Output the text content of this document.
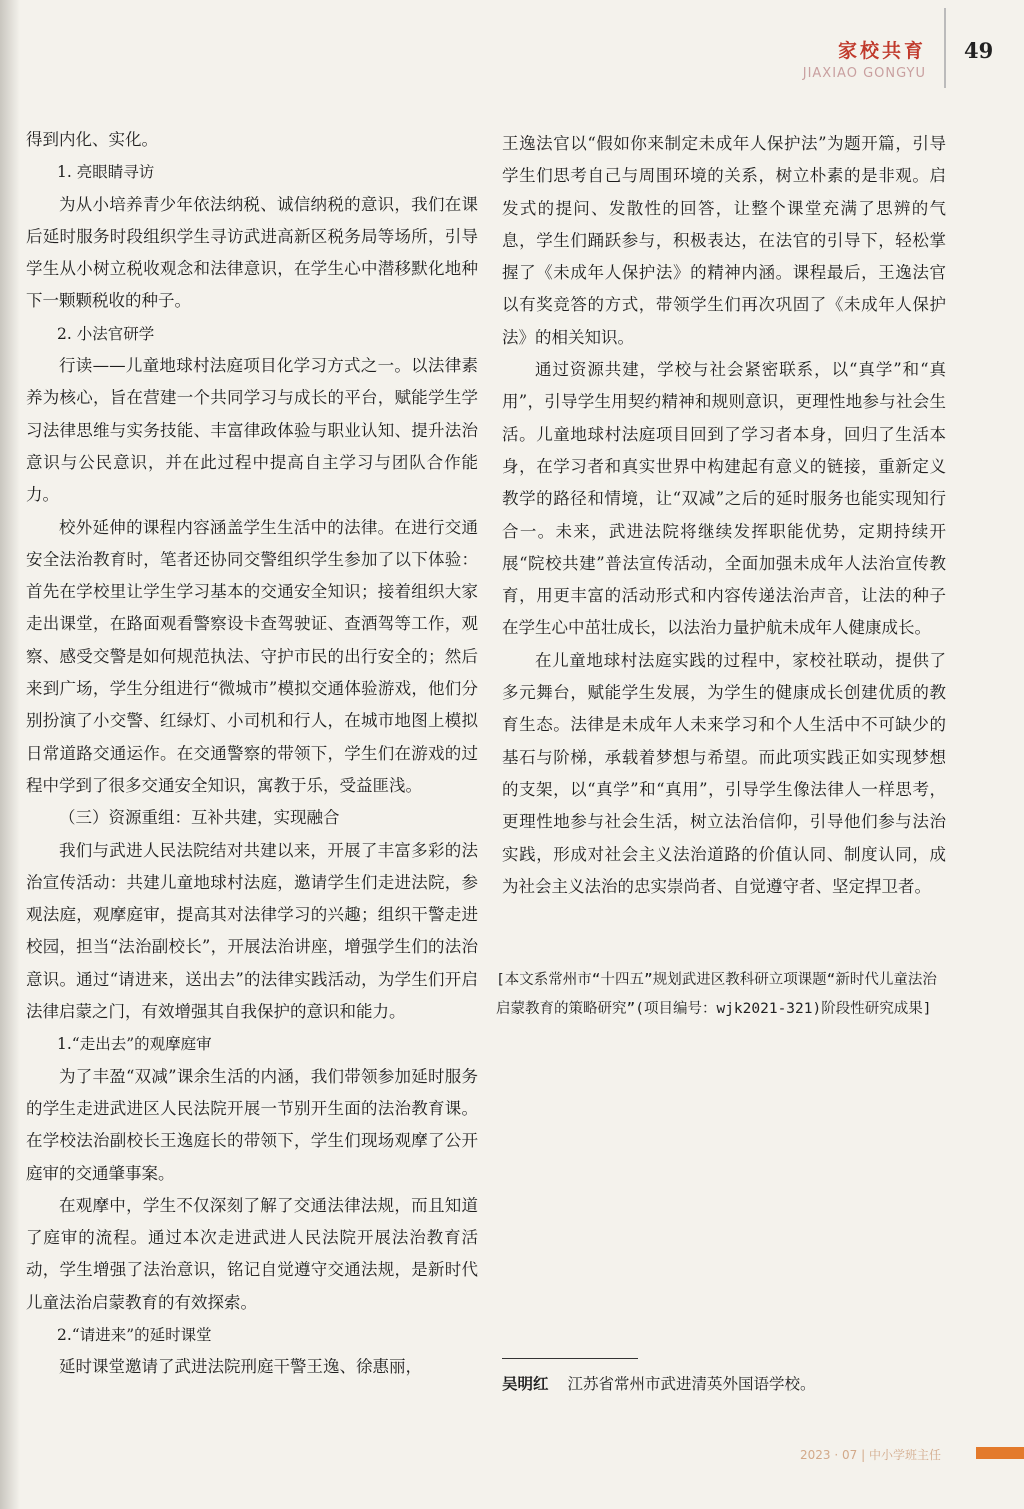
家校共育
JIAXIAO GONGYU
49

得到内化、实化。

1. 亮眼睛寻访

为从小培养青少年依法纳税、诚信纳税的意识，我们在课后延时服务时段组织学生寻访武进高新区税务局等场所，引导学生从小树立税收观念和法律意识，在学生心中潜移默化地种下一颗颗税收的种子。

2. 小法官研学

行读——儿童地球村法庭项目化学习方式之一。以法律素养为核心，旨在营建一个共同学习与成长的平台，赋能学生学习法律思维与实务技能、丰富律政体验与职业认知、提升法治意识与公民意识，并在此过程中提高自主学习与团队合作能力。

校外延伸的课程内容涵盖学生生活中的法律。在进行交通安全法治教育时，笔者还协同交警组织学生参加了以下体验：首先在学校里让学生学习基本的交通安全知识；接着组织大家走出课堂，在路面观看警察设卡查驾驶证、查酒驾等工作，观察、感受交警是如何规范执法、守护市民的出行安全的；然后来到广场，学生分组进行“微城市”模拟交通体验游戏，他们分别扮演了小交警、红绿灯、小司机和行人，在城市地图上模拟日常道路交通运作。在交通警察的带领下，学生们在游戏的过程中学到了很多交通安全知识，寓教于乐，受益匪浅。

（三）资源重组：互补共建，实现融合

我们与武进人民法院结对共建以来，开展了丰富多彩的法治宣传活动：共建儿童地球村法庭，邀请学生们走进法院，参观法庭，观摩庭审，提高其对法律学习的兴趣；组织干警走进校园，担当“法治副校长”，开展法治讲座，增强学生们的法治意识。通过“请进来，送出去”的法律实践活动，为学生们开启法律启蒙之门，有效增强其自我保护的意识和能力。

1.“走出去”的观摩庭审

为了丰盈“双减”课余生活的内涵，我们带领参加延时服务的学生走进武进区人民法院开展一节别开生面的法治教育课。在学校法治副校长王逸庭长的带领下，学生们现场观摩了公开庭审的交通肇事案。

在观摩中，学生不仅深刻了解了交通法律法规，而且知道了庭审的流程。通过本次走进武进人民法院开展法治教育活动，学生增强了法治意识，铭记自觉遵守交通法规，是新时代儿童法治启蒙教育的有效探索。

2.“请进来”的延时课堂

延时课堂邀请了武进法院刑庭干警王逸、徐惠丽，

王逸法官以“假如你来制定未成年人保护法”为题开篇，引导学生们思考自己与周围环境的关系，树立朴素的是非观。启发式的提问、发散性的回答，让整个课堂充满了思辨的气息，学生们踊跃参与，积极表达，在法官的引导下，轻松掌握了《未成年人保护法》的精神内涵。课程最后，王逸法官以有奖竞答的方式，带领学生们再次巩固了《未成年人保护法》的相关知识。

通过资源共建，学校与社会紧密联系，以“真学”和“真用”，引导学生用契约精神和规则意识，更理性地参与社会生活。儿童地球村法庭项目回到了学习者本身，回归了生活本身，在学习者和真实世界中构建起有意义的链接，重新定义教学的路径和情境，让“双减”之后的延时服务也能实现知行合一。未来，武进法院将继续发挥职能优势，定期持续开展“院校共建”普法宣传活动，全面加强未成年人法治宣传教育，用更丰富的活动形式和内容传递法治声音，让法的种子在学生心中茁壮成长，以法治力量护航未成年人健康成长。

在儿童地球村法庭实践的过程中，家校社联动，提供了多元舞台，赋能学生发展，为学生的健康成长创建优质的教育生态。法律是未成年人未来学习和个人生活中不可缺少的基石与阶梯，承载着梦想与希望。而此项实践正如实现梦想的支架，以“真学”和“真用”，引导学生像法律人一样思考，更理性地参与社会生活，树立法治信仰，引导他们参与法治实践，形成对社会主义法治道路的价值认同、制度认同，成为社会主义法治的忠实崇尚者、自觉遵守者、坚定捍卫者。

[本文系常州市“十四五”规划武进区教科研立项课题“新时代儿童法治启蒙教育的策略研究”(项目编号：wjk2021-321)阶段性研究成果]
吴明红 江苏省常州市武进清英外国语学校。
2023 · 07 | 中小学班主任
